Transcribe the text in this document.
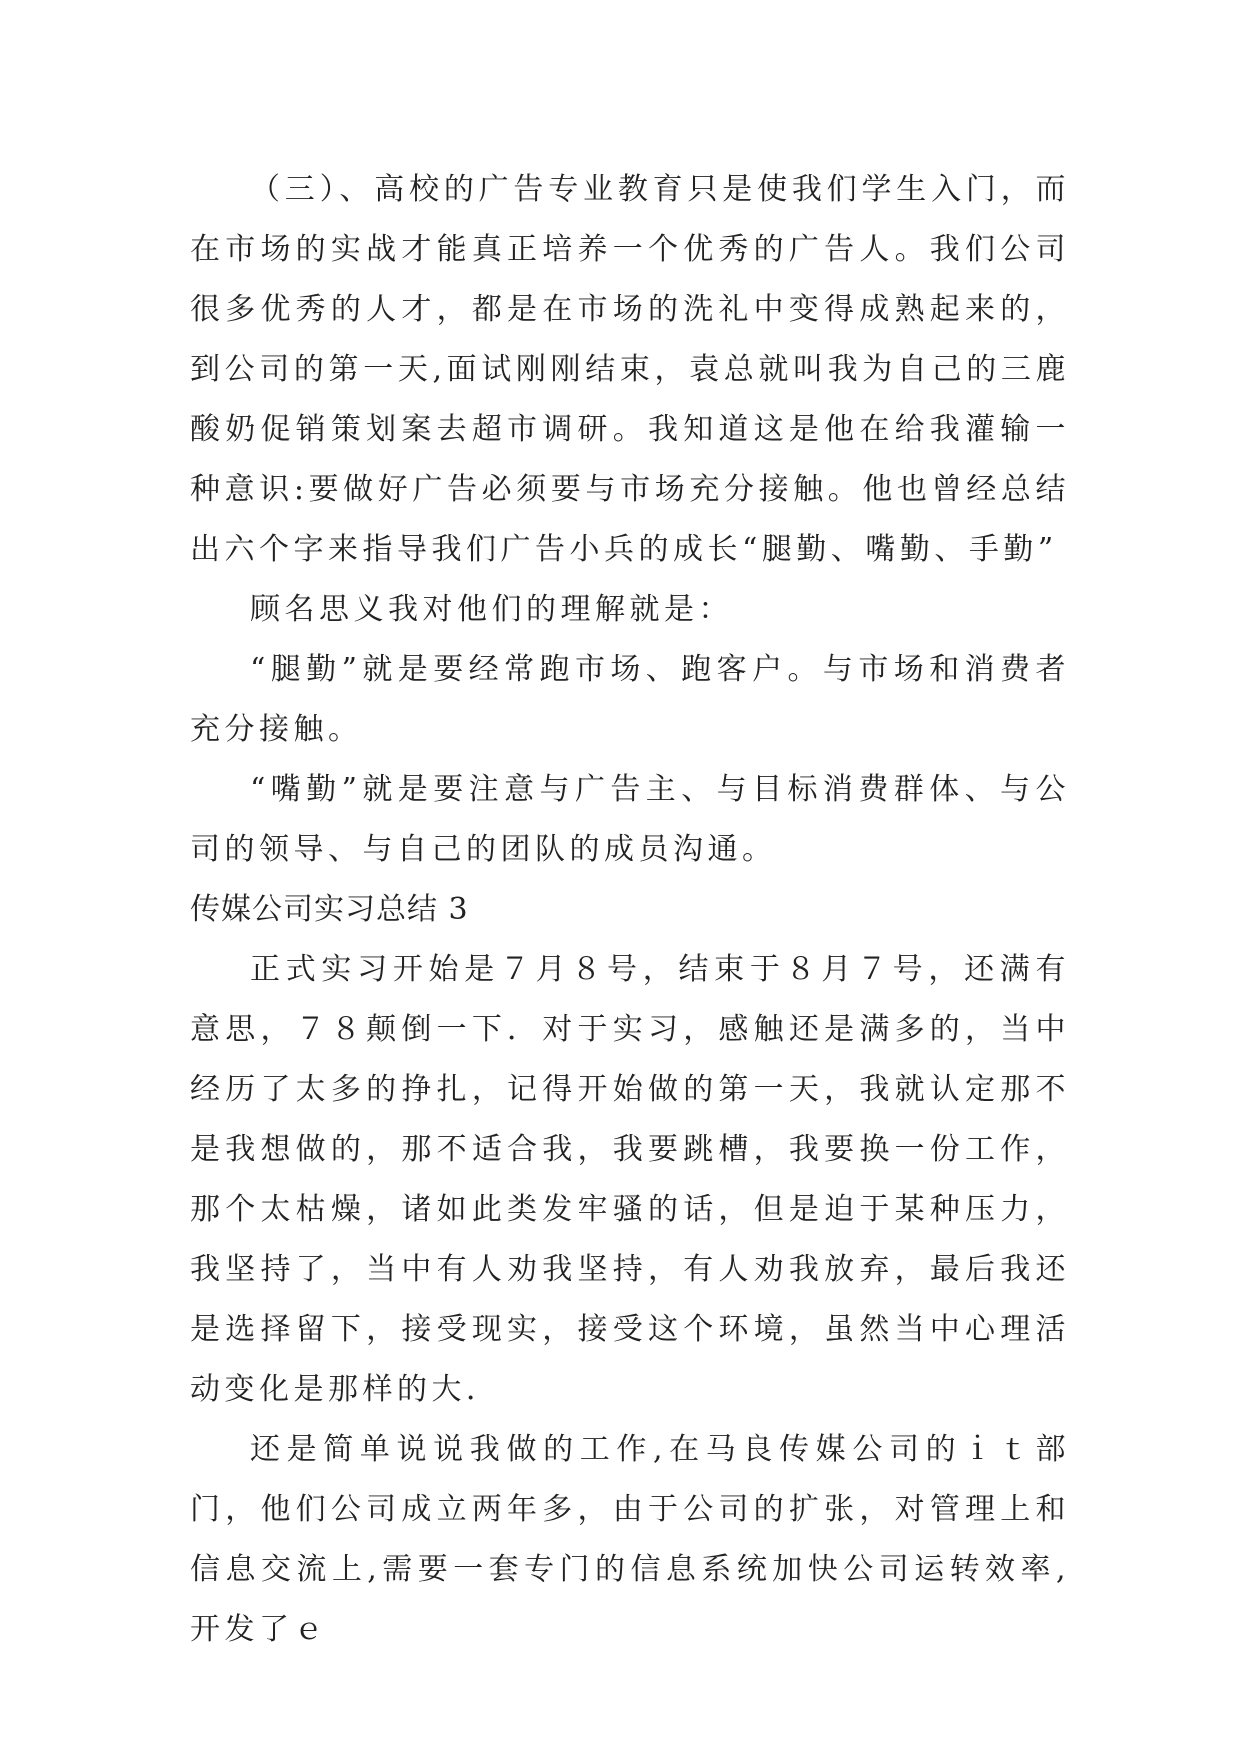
（三）、高校的广告专业教育只是使我们学生入门，而在市场的实战才能真正培养一个优秀的广告人。我们公司很多优秀的人才，都是在市场的洗礼中变得成熟起来的，到公司的第一天,面试刚刚结束，袁总就叫我为自己的三鹿酸奶促销策划案去超市调研。我知道这是他在给我灌输一种意识:要做好广告必须要与市场充分接触。他也曾经总结出六个字来指导我们广告小兵的成长“腿勤、嘴勤、手勤”

顾名思义我对他们的理解就是：

“腿勤”就是要经常跑市场、跑客户。与市场和消费者充分接触。

“嘴勤”就是要注意与广告主、与目标消费群体、与公司的领导、与自己的团队的成员沟通。

传媒公司实习总结 3

正式实习开始是７月８号，结束于８月７号，还满有意思，７８颠倒一下．对于实习，感触还是满多的，当中经历了太多的挣扎，记得开始做的第一天，我就认定那不是我想做的，那不适合我，我要跳槽，我要换一份工作，那个太枯燥，诸如此类发牢骚的话，但是迫于某种压力，我坚持了，当中有人劝我坚持，有人劝我放弃，最后我还是选择留下，接受现实，接受这个环境，虽然当中心理活动变化是那样的大．

还是简单说说我做的工作,在马良传媒公司的ｉｔ部门，他们公司成立两年多，由于公司的扩张，对管理上和信息交流上,需要一套专门的信息系统加快公司运转效率,开发了ｅ
